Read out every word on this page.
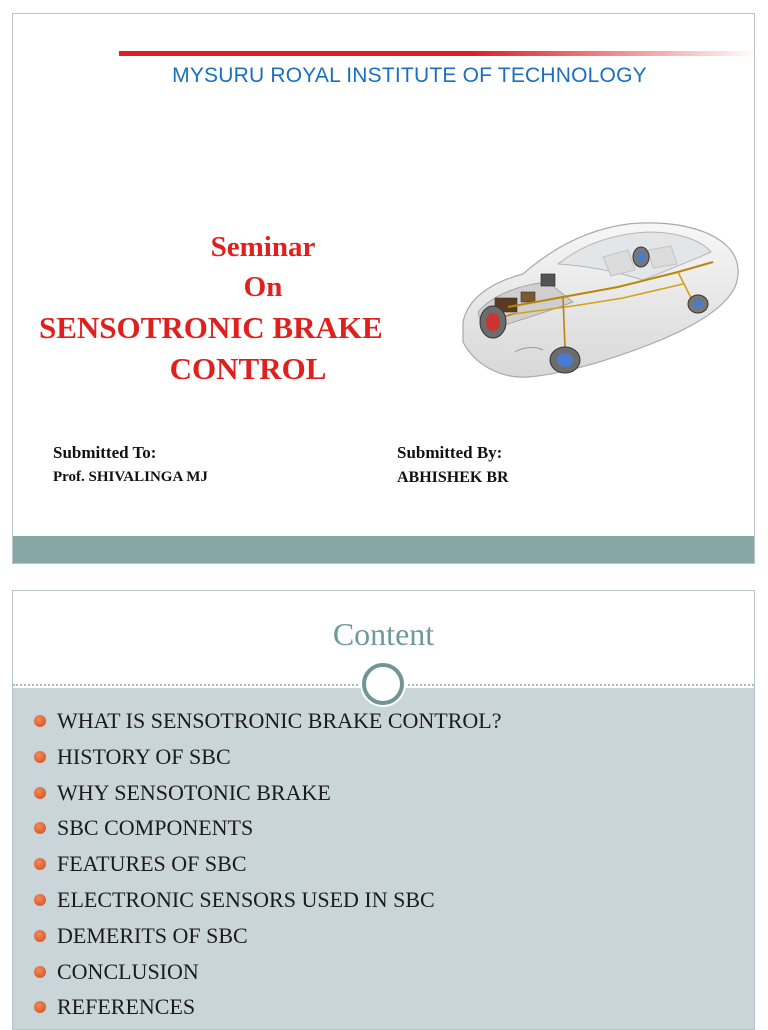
MYSURU ROYAL INSTITUTE OF TECHNOLOGY
Seminar
On
SENSOTRONIC BRAKE
CONTROL
Submitted To:
Prof. SHIVALINGA MJ
Submitted By:
ABHISHEK BR
Content
WHAT IS SENSOTRONIC BRAKE CONTROL?
HISTORY OF SBC
WHY SENSOTONIC BRAKE
SBC COMPONENTS
FEATURES OF SBC
ELECTRONIC SENSORS USED IN SBC
DEMERITS OF SBC
CONCLUSION
REFERENCES
